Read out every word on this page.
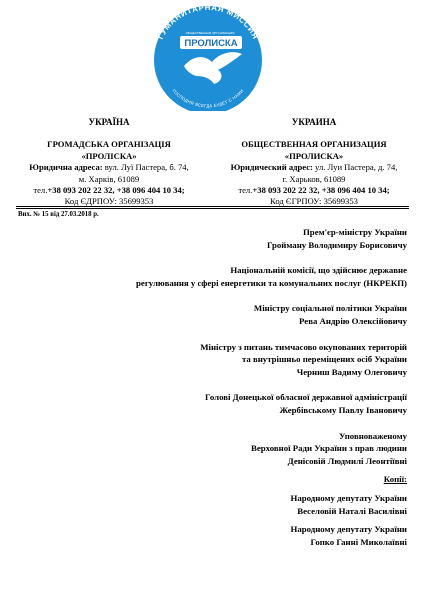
ГУМАНИТАРНАЯ МИССИЯ
ГОСПОДНЯ ВСЕГДА БУДЕТ С НАМИ
ОБЩЕСТВЕННАЯ ОРГАНИЗАЦИЯ
ПРОЛИСКА
УКРАЇНА
ГРОМАДСЬКА ОРГАНІЗАЦІЯ
«ПРОЛІСКА»
Юридична адреса: вул. Луї Пастера, б. 74,
м. Харків, 61089
тел.+38 093 202 22 32, +38 096 404 10 34;
Код ЄДРПОУ: 35699353
УКРАИНА
ОБЩЕСТВЕННАЯ ОРГАНИЗАЦИЯ
«ПРОЛИСКА»
Юридический адрес: ул. Луи Пастера, д. 74,
г. Харьков, 61089
тел.+38 093 202 22 32, +38 096 404 10 34;
Код ЄГРПОУ: 35699353
Вих. № 15 від 27.03.2018 р.
Прем'єр-міністру України
Гройману Володимиру Борисовичу
Національній комісії, що здійснює державне
регулювання у сфері енергетики та комунальних послуг (НКРЕКП)
Міністру соціальної політики України
Рева Андрію Олексійовичу
Міністру з питань тимчасово окупованих територій
та внутрішньо переміщених осіб України
Черниш Вадиму Олеговичу
Голові Донецької обласної державної адміністрації
Жербівському Павлу Івановичу
Уповноваженому
Верховної Ради України з прав людини
Денісовій Людмилі Леонтіївні
Копії:
Народному депутату України
Веселовій Наталі Василівні
Народному депутату України
Гопко Ганні Миколаївні
